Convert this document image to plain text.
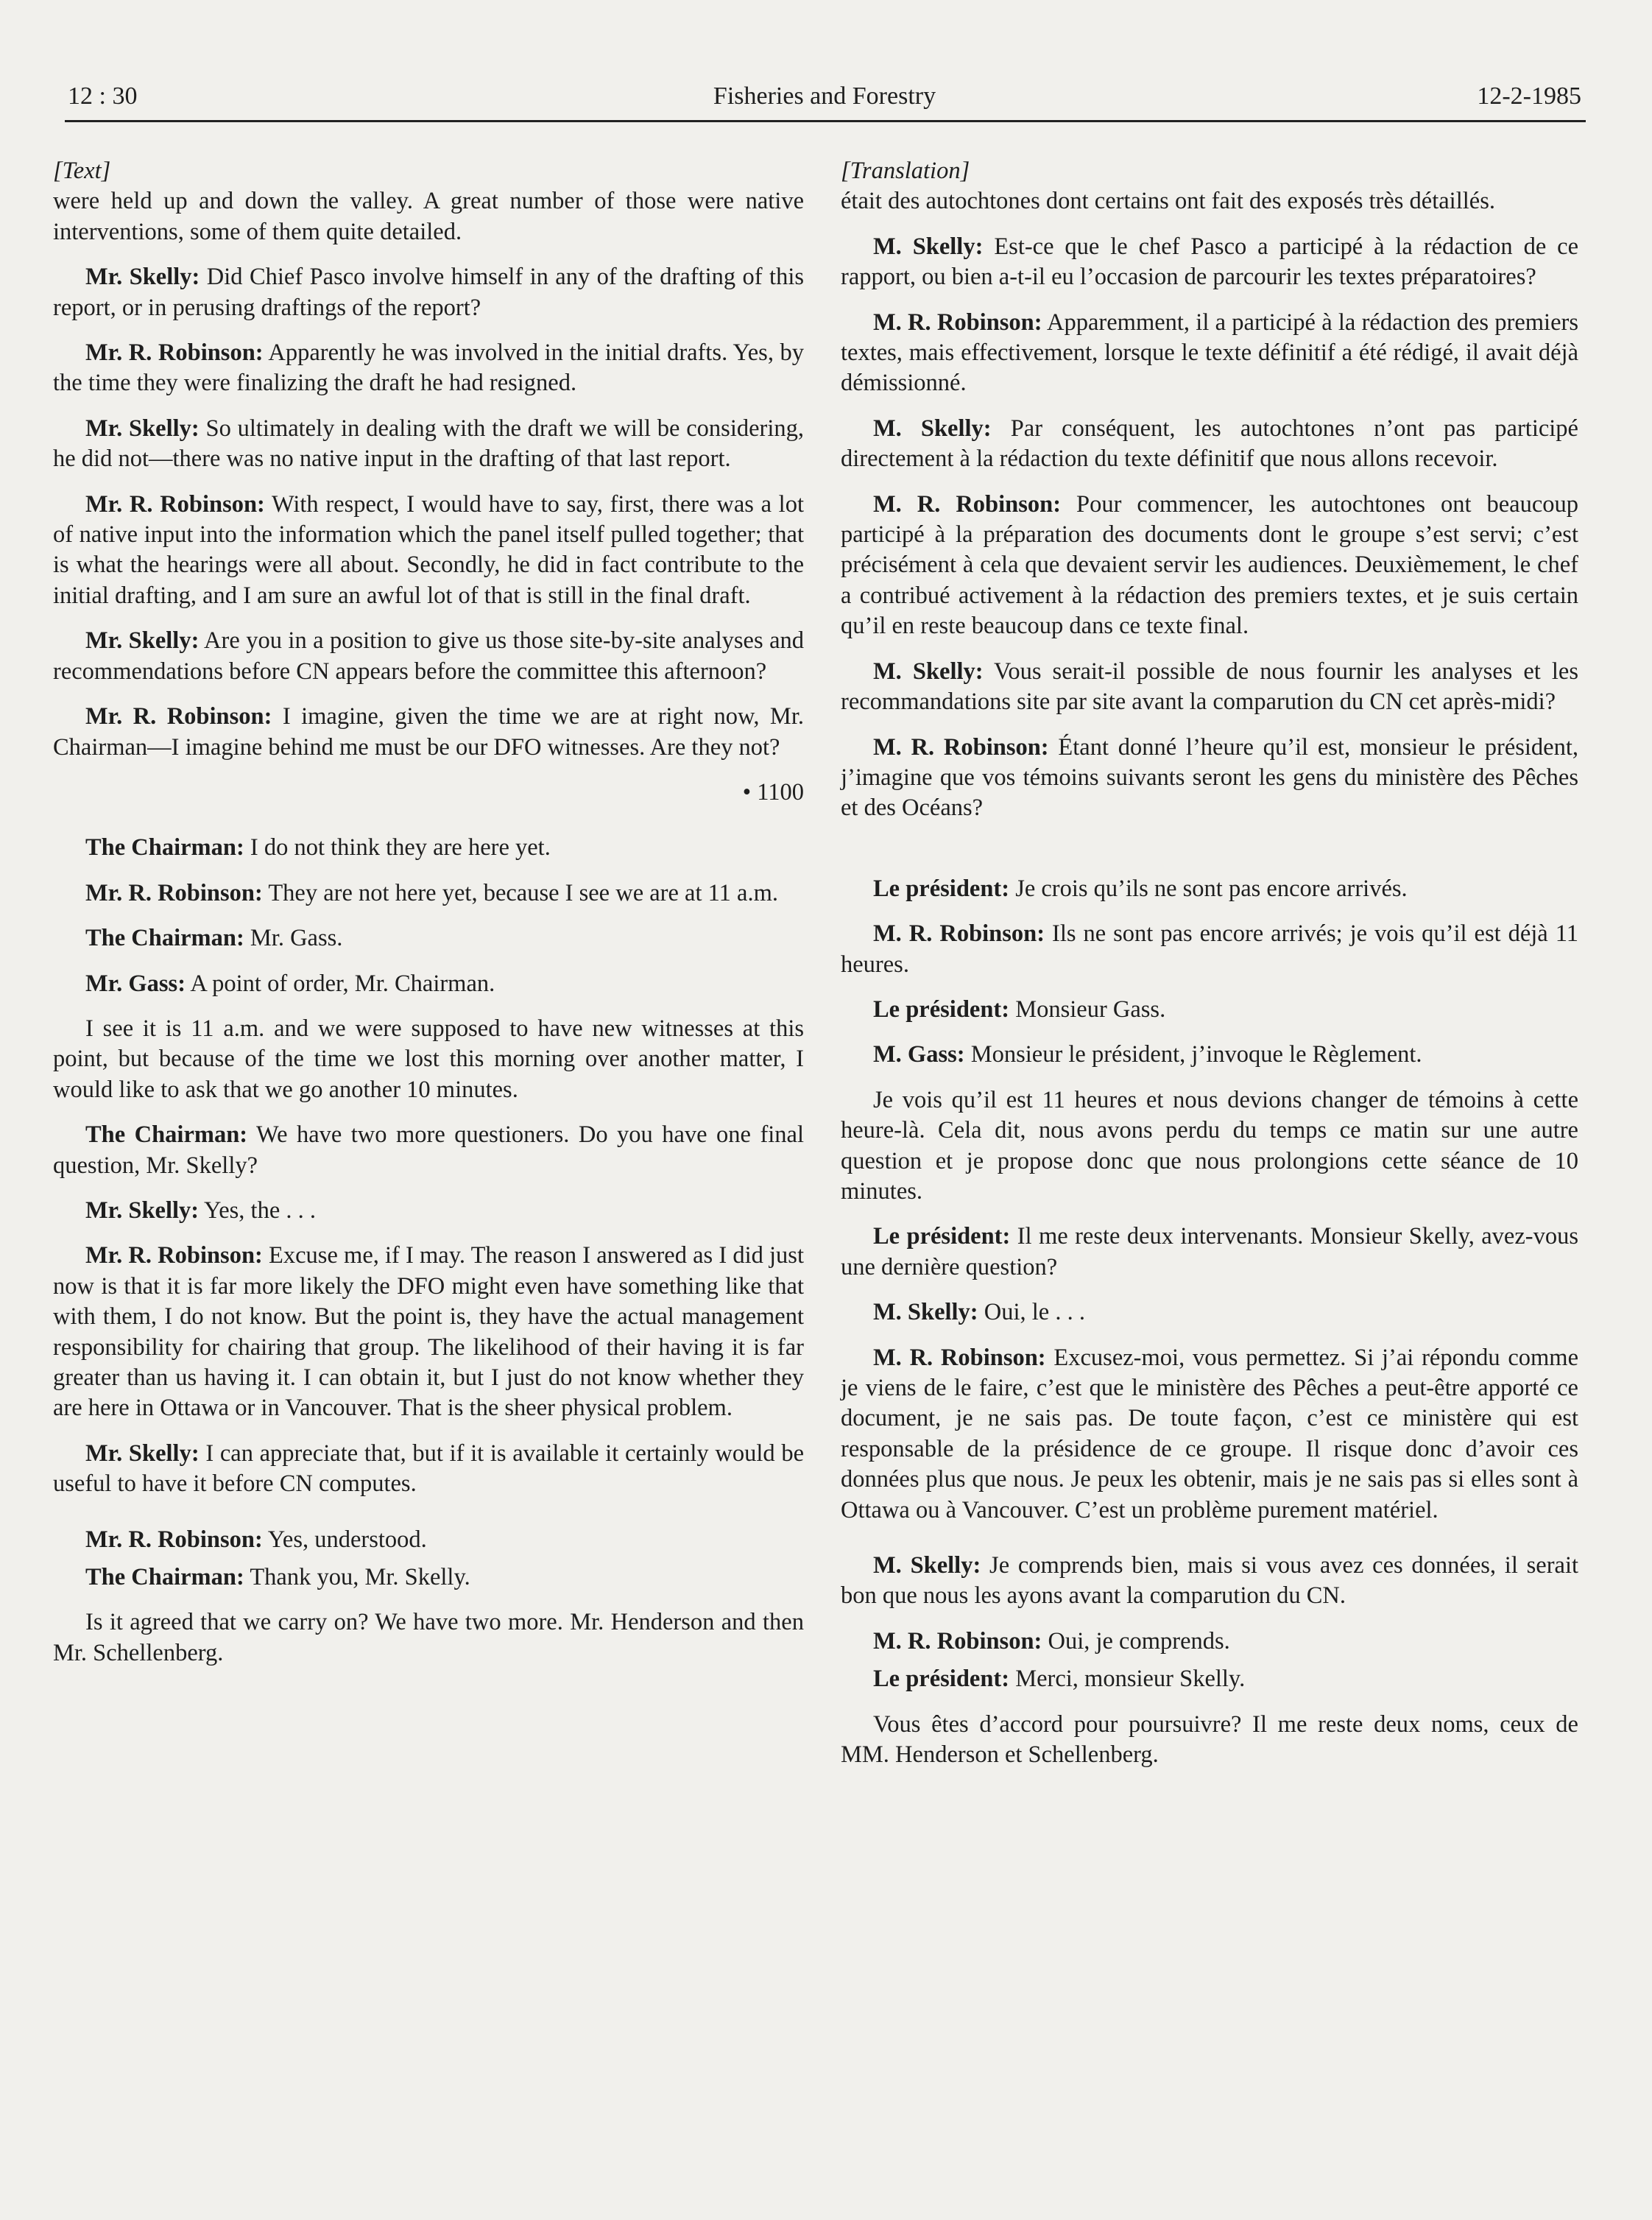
12 : 30	Fisheries and Forestry	12-2-1985

[Text]

were held up and down the valley. A great number of those were native interventions, some of them quite detailed.

Mr. Skelly: Did Chief Pasco involve himself in any of the drafting of this report, or in perusing draftings of the report?

Mr. R. Robinson: Apparently he was involved in the initial drafts. Yes, by the time they were finalizing the draft he had resigned.

Mr. Skelly: So ultimately in dealing with the draft we will be considering, he did not—there was no native input in the drafting of that last report.

Mr. R. Robinson: With respect, I would have to say, first, there was a lot of native input into the information which the panel itself pulled together; that is what the hearings were all about. Secondly, he did in fact contribute to the initial drafting, and I am sure an awful lot of that is still in the final draft.

Mr. Skelly: Are you in a position to give us those site-by-site analyses and recommendations before CN appears before the committee this afternoon?

Mr. R. Robinson: I imagine, given the time we are at right now, Mr. Chairman—I imagine behind me must be our DFO witnesses. Are they not?

• 1100

The Chairman: I do not think they are here yet.

Mr. R. Robinson: They are not here yet, because I see we are at 11 a.m.

The Chairman: Mr. Gass.

Mr. Gass: A point of order, Mr. Chairman.

I see it is 11 a.m. and we were supposed to have new witnesses at this point, but because of the time we lost this morning over another matter, I would like to ask that we go another 10 minutes.

The Chairman: We have two more questioners. Do you have one final question, Mr. Skelly?

Mr. Skelly: Yes, the . . .

Mr. R. Robinson: Excuse me, if I may. The reason I answered as I did just now is that it is far more likely the DFO might even have something like that with them, I do not know. But the point is, they have the actual management responsibility for chairing that group. The likelihood of their having it is far greater than us having it. I can obtain it, but I just do not know whether they are here in Ottawa or in Vancouver. That is the sheer physical problem.

Mr. Skelly: I can appreciate that, but if it is available it certainly would be useful to have it before CN computes.

Mr. R. Robinson: Yes, understood.

The Chairman: Thank you, Mr. Skelly.

Is it agreed that we carry on? We have two more. Mr. Henderson and then Mr. Schellenberg.

[Translation]

était des autochtones dont certains ont fait des exposés très détaillés.

M. Skelly: Est-ce que le chef Pasco a participé à la rédaction de ce rapport, ou bien a-t-il eu l’occasion de parcourir les textes préparatoires?

M. R. Robinson: Apparemment, il a participé à la rédaction des premiers textes, mais effectivement, lorsque le texte définitif a été rédigé, il avait déjà démissionné.

M. Skelly: Par conséquent, les autochtones n’ont pas participé directement à la rédaction du texte définitif que nous allons recevoir.

M. R. Robinson: Pour commencer, les autochtones ont beaucoup participé à la préparation des documents dont le groupe s’est servi; c’est précisément à cela que devaient servir les audiences. Deuxièmement, le chef a contribué activement à la rédaction des premiers textes, et je suis certain qu’il en reste beaucoup dans ce texte final.

M. Skelly: Vous serait-il possible de nous fournir les analyses et les recommandations site par site avant la comparution du CN cet après-midi?

M. R. Robinson: Étant donné l’heure qu’il est, monsieur le président, j’imagine que vos témoins suivants seront les gens du ministère des Pêches et des Océans?

Le président: Je crois qu’ils ne sont pas encore arrivés.

M. R. Robinson: Ils ne sont pas encore arrivés; je vois qu’il est déjà 11 heures.

Le président: Monsieur Gass.

M. Gass: Monsieur le président, j’invoque le Règlement.

Je vois qu’il est 11 heures et nous devions changer de témoins à cette heure-là. Cela dit, nous avons perdu du temps ce matin sur une autre question et je propose donc que nous prolongions cette séance de 10 minutes.

Le président: Il me reste deux intervenants. Monsieur Skelly, avez-vous une dernière question?

M. Skelly: Oui, le . . .

M. R. Robinson: Excusez-moi, vous permettez. Si j’ai répondu comme je viens de le faire, c’est que le ministère des Pêches a peut-être apporté ce document, je ne sais pas. De toute façon, c’est ce ministère qui est responsable de la présidence de ce groupe. Il risque donc d’avoir ces données plus que nous. Je peux les obtenir, mais je ne sais pas si elles sont à Ottawa ou à Vancouver. C’est un problème purement matériel.

M. Skelly: Je comprends bien, mais si vous avez ces données, il serait bon que nous les ayons avant la comparution du CN.

M. R. Robinson: Oui, je comprends.

Le président: Merci, monsieur Skelly.

Vous êtes d’accord pour poursuivre? Il me reste deux noms, ceux de MM. Henderson et Schellenberg.
